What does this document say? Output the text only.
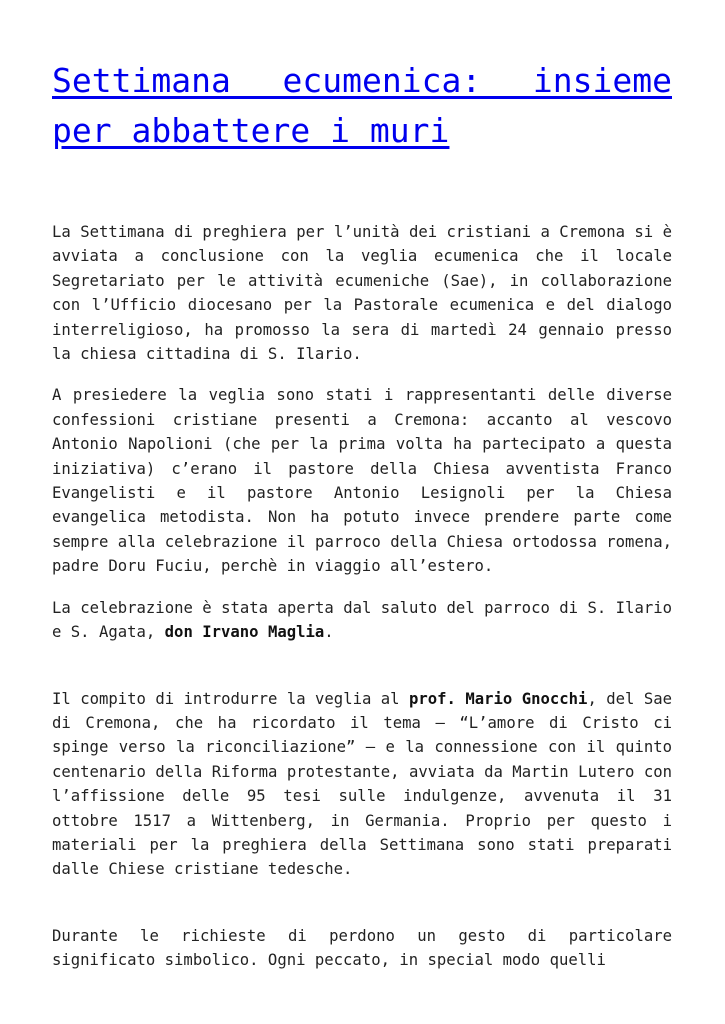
Settimana ecumenica: insieme per abbattere i muri

La Settimana di preghiera per l’unità dei cristiani a Cremona si è avviata a conclusione con la veglia ecumenica che il locale Segretariato per le attività ecumeniche (Sae), in collaborazione con l’Ufficio diocesano per la Pastorale ecumenica e del dialogo interreligioso, ha promosso la sera di martedì 24 gennaio presso la chiesa cittadina di S. Ilario.

A presiedere la veglia sono stati i rappresentanti delle diverse confessioni cristiane presenti a Cremona: accanto al vescovo Antonio Napolioni (che per la prima volta ha partecipato a questa iniziativa) c’erano il pastore della Chiesa avventista Franco Evangelisti e il pastore Antonio Lesignoli per la Chiesa evangelica metodista. Non ha potuto invece prendere parte come sempre alla celebrazione il parroco della Chiesa ortodossa romena, padre Doru Fuciu, perchè in viaggio all’estero.

La celebrazione è stata aperta dal saluto del parroco di S. Ilario e S. Agata, don Irvano Maglia.

Il compito di introdurre la veglia al prof. Mario Gnocchi, del Sae di Cremona, che ha ricordato il tema – “L’amore di Cristo ci spinge verso la riconciliazione” – e la connessione con il quinto centenario della Riforma protestante, avviata da Martin Lutero con l’affissione delle 95 tesi sulle indulgenze, avvenuta il 31 ottobre 1517 a Wittenberg, in Germania. Proprio per questo i materiali per la preghiera della Settimana sono stati preparati dalle Chiese cristiane tedesche.

Durante le richieste di perdono un gesto di particolare significato simbolico. Ogni peccato, in special modo quelli
